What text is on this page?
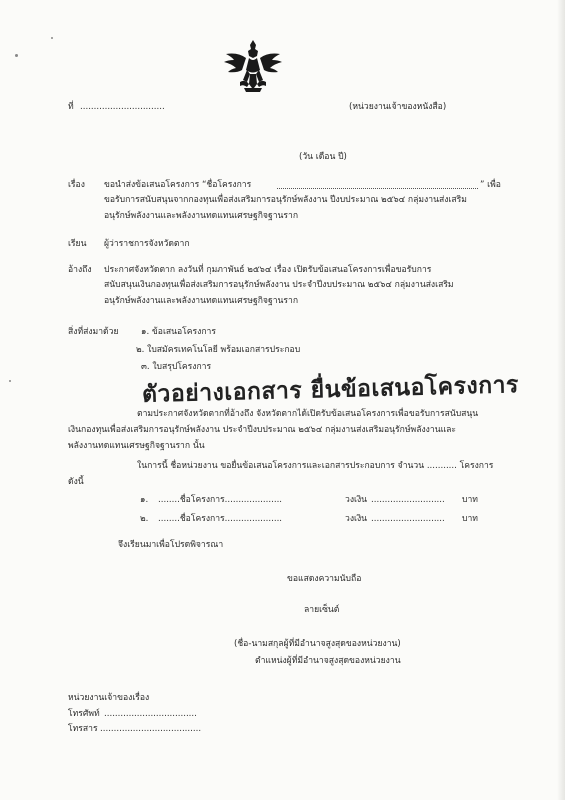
ที่ ...............................	(หน่วยงานเจ้าของหนังสือ)
(วัน เดือน ปี)
เรื่อง ขอนำส่งข้อเสนอโครงการ “ชื่อโครงการ	” เพื่อ
ขอรับการสนับสนุนจากกองทุนเพื่อส่งเสริมการอนุรักษ์พลังงาน ปีงบประมาณ ๒๕๖๔ กลุ่มงานส่งเสริม
อนุรักษ์พลังงานและพลังงานทดแทนเศรษฐกิจฐานราก
เรียน ผู้ว่าราชการจังหวัดตาก
อ้างถึง ประกาศจังหวัดตาก ลงวันที่ กุมภาพันธ์ ๒๕๖๔ เรื่อง เปิดรับข้อเสนอโครงการเพื่อขอรับการ
สนับสนุนเงินกองทุนเพื่อส่งเสริมการอนุรักษ์พลังงาน ประจำปีงบประมาณ ๒๕๖๔ กลุ่มงานส่งเสริม
อนุรักษ์พลังงานและพลังงานทดแทนเศรษฐกิจฐานราก
สิ่งที่ส่งมาด้วย	๑. ข้อเสนอโครงการ
๒. ใบสมัครเทคโนโลยี พร้อมเอกสารประกอบ
๓. ใบสรุปโครงการ
ตัวอย่างเอกสาร ยื่นข้อเสนอโครงการ
ตามประกาศจังหวัดตากที่อ้างถึง จังหวัดตากได้เปิดรับข้อเสนอโครงการเพื่อขอรับการสนับสนุน
เงินกองทุนเพื่อส่งเสริมการอนุรักษ์พลังงาน ประจำปีงบประมาณ ๒๕๖๔ กลุ่มงานส่งเสริมอนุรักษ์พลังงานและ
พลังงานทดแทนเศรษฐกิจฐานราก นั้น
ในการนี้ ชื่อหน่วยงาน ขอยื่นข้อเสนอโครงการและเอกสารประกอบการ จำนวน ........... โครงการ
ดังนี้
๑. ........ชื่อโครงการ.....................	วงเงิน ........................... บาท
๒. ........ชื่อโครงการ.....................	วงเงิน ........................... บาท
จึงเรียนมาเพื่อโปรดพิจารณา
ขอแสดงความนับถือ
ลายเซ็นต์
(ชื่อ-นามสกุลผู้ที่มีอำนาจสูงสุดของหน่วยงาน)
ตำแหน่งผู้ที่มีอำนาจสูงสุดของหน่วยงาน
หน่วยงานเจ้าของเรื่อง
โทรศัพท์ ..................................
โทรสาร .....................................
